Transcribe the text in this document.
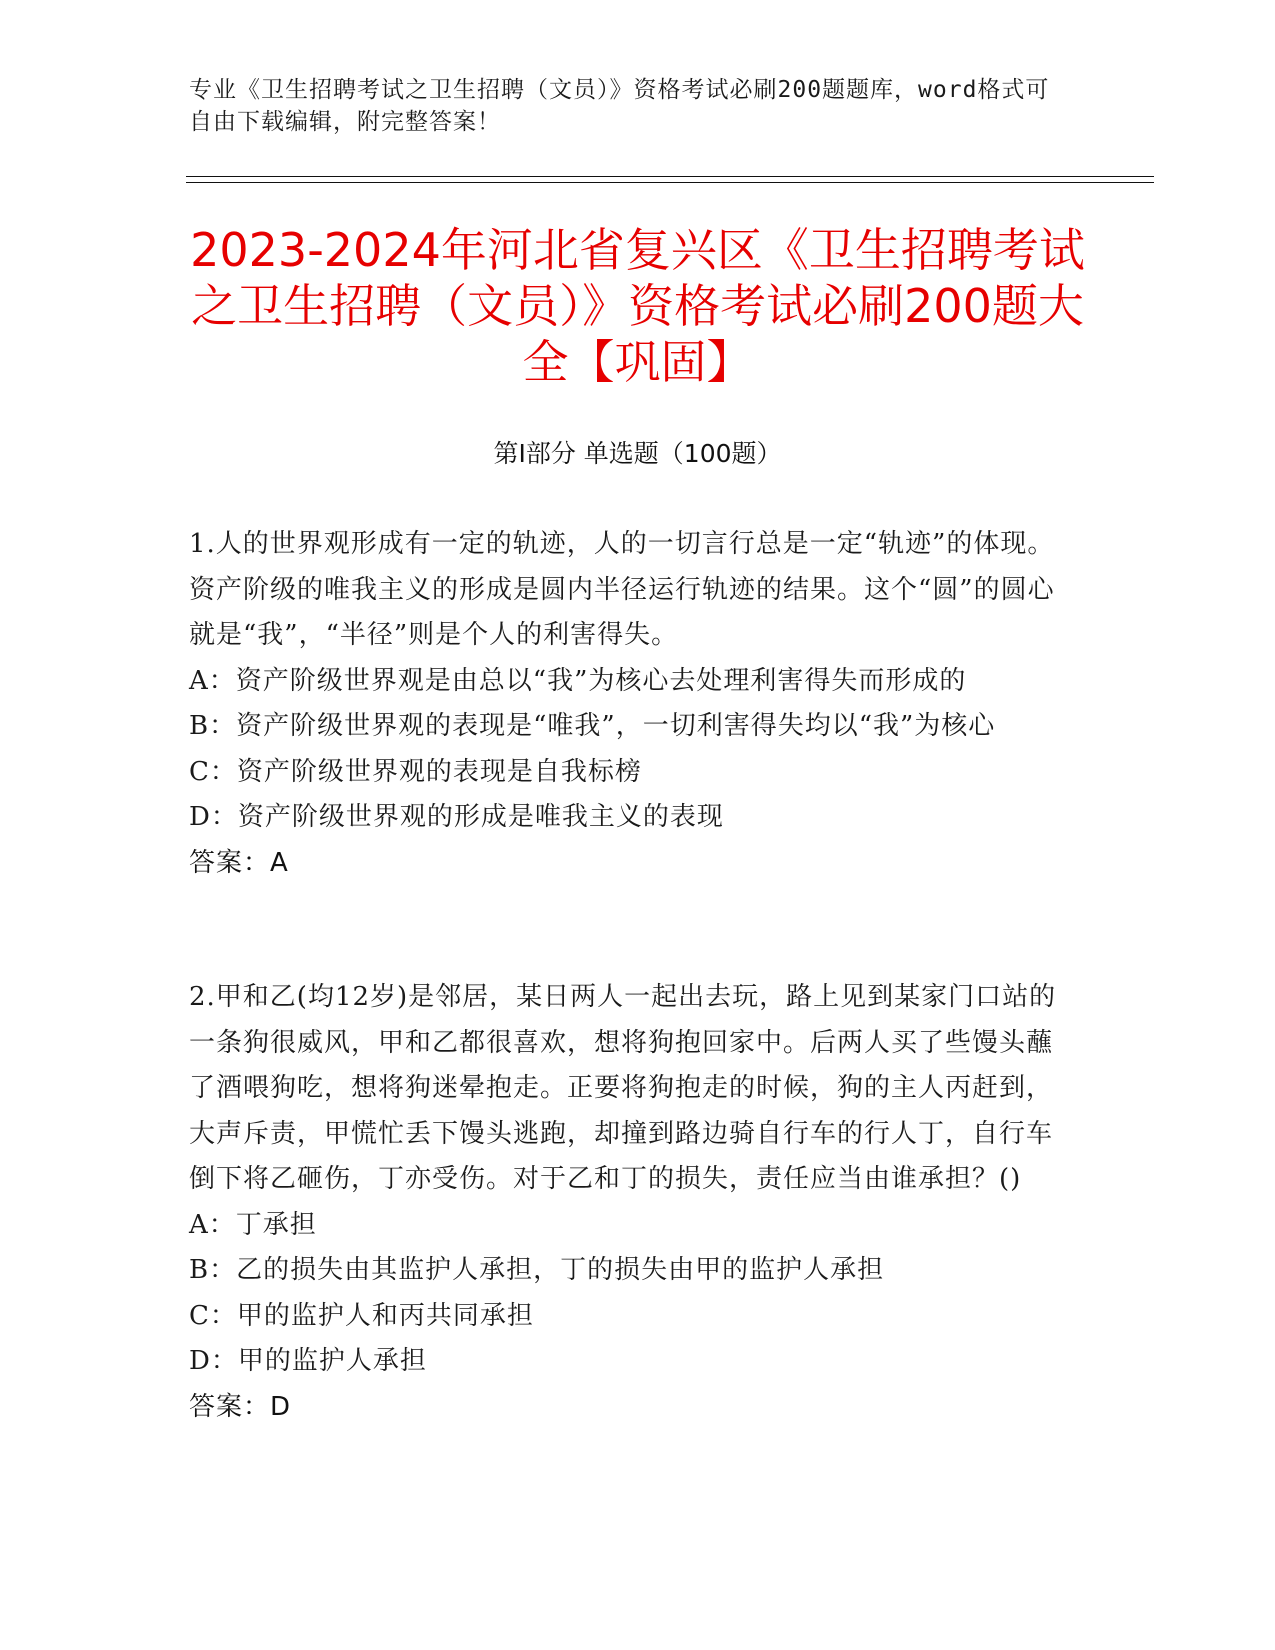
专业《卫生招聘考试之卫生招聘（文员）》资格考试必刷200题题库，word格式可自由下载编辑，附完整答案！
2023-2024年河北省复兴区《卫生招聘考试之卫生招聘（文员）》资格考试必刷200题大全【巩固】
第I部分 单选题（100题）

1.人的世界观形成有一定的轨迹，人的一切言行总是一定“轨迹”的体现。资产阶级的唯我主义的形成是圆内半径运行轨迹的结果。这个“圆”的圆心就是“我”，“半径”则是个人的利害得失。

A：资产阶级世界观是由总以“我”为核心去处理利害得失而形成的

B：资产阶级世界观的表现是“唯我”，一切利害得失均以“我”为核心

C：资产阶级世界观的表现是自我标榜

D：资产阶级世界观的形成是唯我主义的表现

答案：A

2.甲和乙(均12岁)是邻居，某日两人一起出去玩，路上见到某家门口站的一条狗很威风，甲和乙都很喜欢，想将狗抱回家中。后两人买了些馒头蘸了酒喂狗吃，想将狗迷晕抱走。正要将狗抱走的时候，狗的主人丙赶到，大声斥责，甲慌忙丢下馒头逃跑，却撞到路边骑自行车的行人丁，自行车倒下将乙砸伤，丁亦受伤。对于乙和丁的损失，责任应当由谁承担？()

A：丁承担

B：乙的损失由其监护人承担，丁的损失由甲的监护人承担

C：甲的监护人和丙共同承担

D：甲的监护人承担

答案：D
